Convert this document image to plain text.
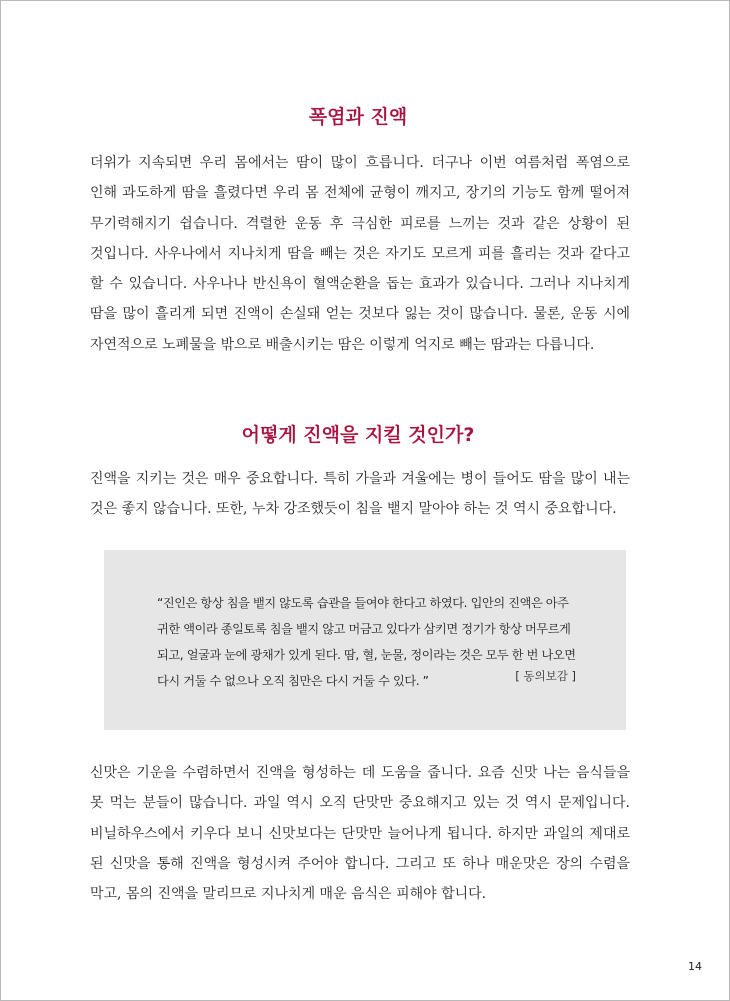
폭염과 진액

더위가 지속되면 우리 몸에서는 땀이 많이 흐릅니다. 더구나 이번 여름처럼 폭염으로 인해 과도하게 땀을 흘렸다면 우리 몸 전체에 균형이 깨지고, 장기의 기능도 함께 떨어져 무기력해지기 쉽습니다. 격렬한 운동 후 극심한 피로를 느끼는 것과 같은 상황이 된 것입니다. 사우나에서 지나치게 땀을 빼는 것은 자기도 모르게 피를 흘리는 것과 같다고 할 수 있습니다. 사우나나 반신욕이 혈액순환을 돕는 효과가 있습니다. 그러나 지나치게 땀을 많이 흘리게 되면 진액이 손실돼 얻는 것보다 잃는 것이 많습니다. 물론, 운동 시에 자연적으로 노폐물을 밖으로 배출시키는 땀은 이렇게 억지로 빼는 땀과는 다릅니다.

어떻게 진액을 지킬 것인가?

진액을 지키는 것은 매우 중요합니다. 특히 가을과 겨울에는 병이 들어도 땀을 많이 내는 것은 좋지 않습니다. 또한, 누차 강조했듯이 침을 뱉지 말아야 하는 것 역시 중요합니다.

“진인은 항상 침을 뱉지 않도록 습관을 들여야 한다고 하였다. 입안의 진액은 아주 귀한 액이라 종일토록 침을 뱉지 않고 머금고 있다가 삼키면 정기가 항상 머무르게 되고, 얼굴과 눈에 광채가 있게 된다. 땀, 혈, 눈물, 정이라는 것은 모두 한 번 나오면 다시 거둘 수 없으나 오직 침만은 다시 거둘 수 있다. ”	[ 동의보감 ]

신맛은 기운을 수렴하면서 진액을 형성하는 데 도움을 줍니다. 요즘 신맛 나는 음식들을 못 먹는 분들이 많습니다. 과일 역시 오직 단맛만 중요해지고 있는 것 역시 문제입니다. 비닐하우스에서 키우다 보니 신맛보다는 단맛만 늘어나게 됩니다. 하지만 과일의 제대로 된 신맛을 통해 진액을 형성시켜 주어야 합니다. 그리고 또 하나 매운맛은 장의 수렴을 막고, 몸의 진액을 말리므로 지나치게 매운 음식은 피해야 합니다.

14
